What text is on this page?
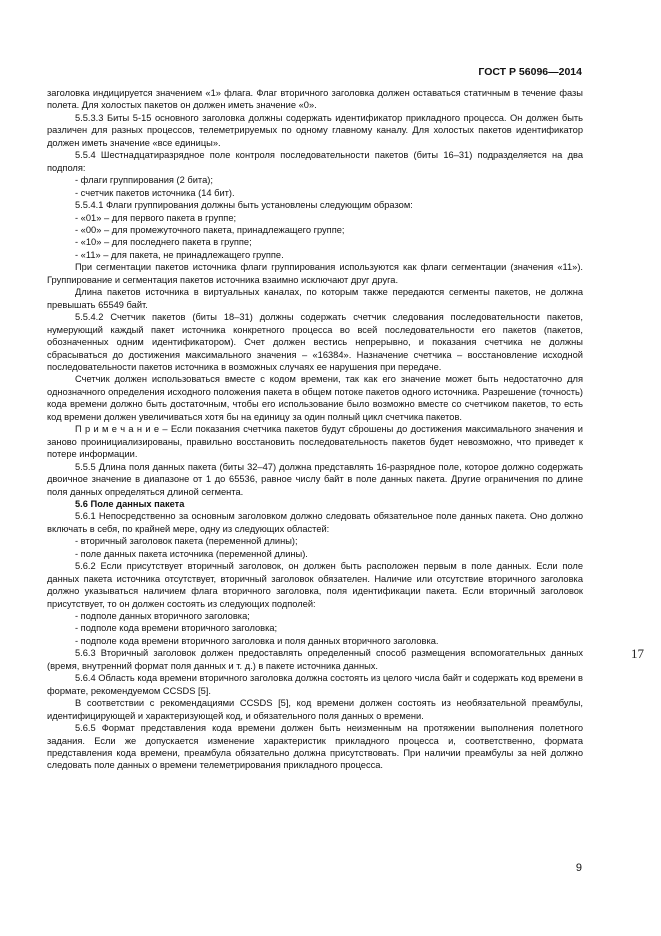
ГОСТ Р 56096—2014
17

заголовка индицируется значением «1» флага. Флаг вторичного заголовка должен оставаться статичным в течение фазы полета. Для холостых пакетов он должен иметь значение «0».

5.5.3.3 Биты 5-15 основного заголовка должны содержать идентификатор прикладного процесса. Он должен быть различен для разных процессов, телеметрируемых по одному главному каналу. Для холостых пакетов идентификатор должен иметь значение «все единицы».

5.5.4 Шестнадцатиразрядное поле контроля последовательности пакетов (биты 16–31) подразделяется на два подполя:

- флаги группирования (2 бита);

- счетчик пакетов источника (14 бит).

5.5.4.1 Флаги группирования должны быть установлены следующим образом:

- «01» – для первого пакета в группе;

- «00» – для промежуточного пакета, принадлежащего группе;

- «10» – для последнего пакета в группе;

- «11» – для пакета, не принадлежащего группе.

При сегментации пакетов источника флаги группирования используются как флаги сегментации (значения «11»). Группирование и сегментация пакетов источника взаимно исключают друг друга.

Длина пакетов источника в виртуальных каналах, по которым также передаются сегменты пакетов, не должна превышать 65549 байт.

5.5.4.2 Счетчик пакетов (биты 18–31) должны содержать счетчик следования последовательности пакетов, нумерующий каждый пакет источника конкретного процесса во всей последовательности его пакетов (пакетов, обозначенных одним идентификатором). Счет должен вестись непрерывно, и показания счетчика не должны сбрасываться до достижения максимального значения – «16384». Назначение счетчика – восстановление исходной последовательности пакетов источника в возможных случаях ее нарушения при передаче.

Счетчик должен использоваться вместе с кодом времени, так как его значение может быть недостаточно для однозначного определения исходного положения пакета в общем потоке пакетов одного источника. Разрешение (точность) кода времени должно быть достаточным, чтобы его использование было возможно вместе со счетчиком пакетов, то есть код времени должен увеличиваться хотя бы на единицу за один полный цикл счетчика пакетов.

П р и м е ч а н и е – Если показания счетчика пакетов будут сброшены до достижения максимального значения и заново проинициализированы, правильно восстановить последовательность пакетов будет невозможно, что приведет к потере информации.

5.5.5 Длина поля данных пакета (биты 32–47) должна представлять 16-разрядное поле, которое должно содержать двоичное значение в диапазоне от 1 до 65536, равное числу байт в поле данных пакета. Другие ограничения по длине поля данных определяться длиной сегмента.

5.6 Поле данных пакета

5.6.1 Непосредственно за основным заголовком должно следовать обязательное поле данных пакета. Оно должно включать в себя, по крайней мере, одну из следующих областей:

- вторичный заголовок пакета (переменной длины);

- поле данных пакета источника (переменной длины).

5.6.2 Если присутствует вторичный заголовок, он должен быть расположен первым в поле данных. Если поле данных пакета источника отсутствует, вторичный заголовок обязателен. Наличие или отсутствие вторичного заголовка должно указываться наличием флага вторичного заголовка, поля идентификации пакета. Если вторичный заголовок присутствует, то он должен состоять из следующих подполей:

- подполе данных вторичного заголовка;

- подполе кода времени вторичного заголовка;

- подполе кода времени вторичного заголовка и поля данных вторичного заголовка.

5.6.3 Вторичный заголовок должен предоставлять определенный способ размещения вспомогательных данных (время, внутренний формат поля данных и т. д.) в пакете источника данных.

5.6.4 Область кода времени вторичного заголовка должна состоять из целого числа байт и содержать код времени в формате, рекомендуемом CCSDS [5].

В соответствии с рекомендациями CCSDS [5], код времени должен состоять из необязательной преамбулы, идентифицирующей и характеризующей код, и обязательного поля данных о времени.

5.6.5 Формат представления кода времени должен быть неизменным на протяжении выполнения полетного задания. Если же допускается изменение характеристик прикладного процесса и, соответственно, формата представления кода времени, преамбула обязательно должна присутствовать. При наличии преамбулы за ней должно следовать поле данных о времени телеметрирования прикладного процесса.

9
